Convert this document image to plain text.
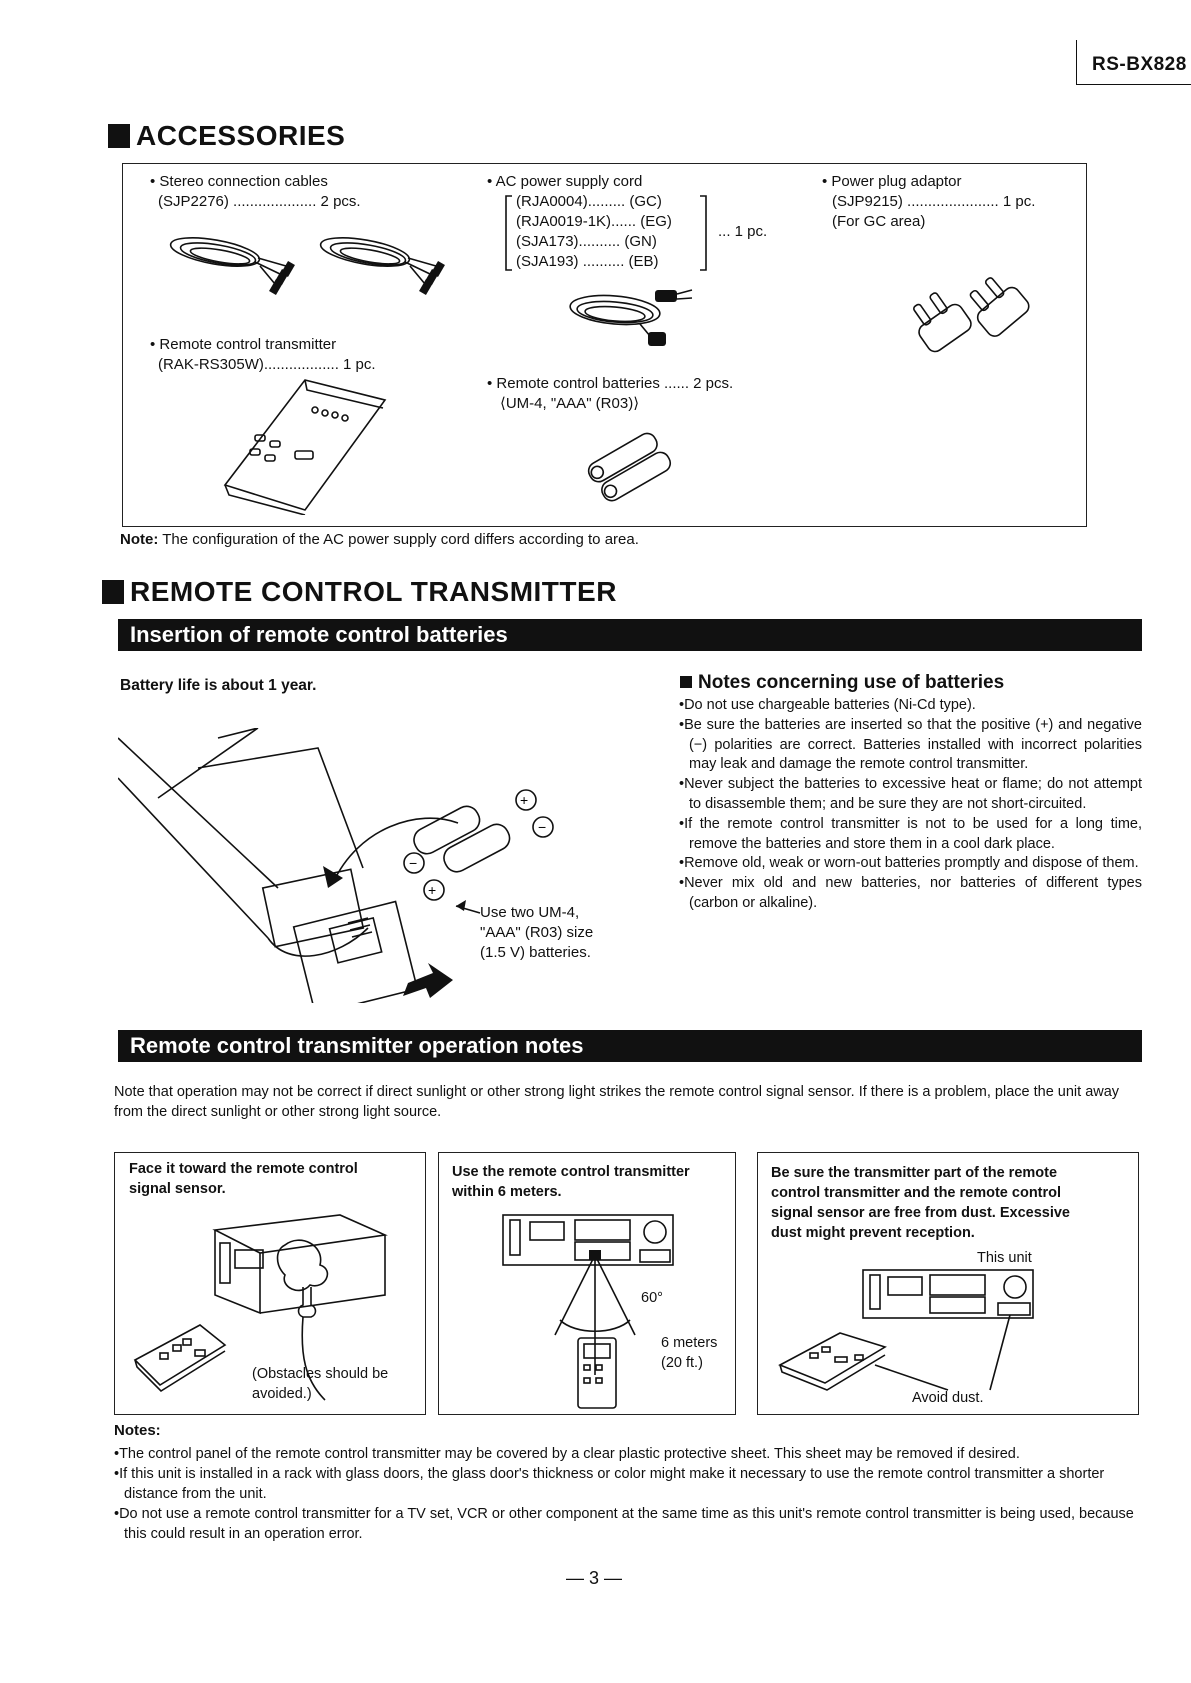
RS-BX828
ACCESSORIES
• Stereo connection cables
(SJP2276) .................... 2 pcs.
• Remote control transmitter
(RAK-RS305W).................. 1 pc.
• AC power supply cord
(RJA0004)......... (GC)
(RJA0019-1K)...... (EG)
(SJA173).......... (GN)
(SJA193) .......... (EB)
... 1 pc.
• Remote control batteries ...... 2 pcs.
⟨UM-4, "AAA" (R03)⟩
• Power plug adaptor
(SJP9215) ...................... 1 pc.
(For GC area)
Note: The configuration of the AC power supply cord differs according to area.
REMOTE CONTROL TRANSMITTER
Insertion of remote control batteries
Battery life is about 1 year.
+
−
−
+
Use two UM-4,
"AAA" (R03) size
(1.5 V) batteries.
Notes concerning use of batteries

•Do not use chargeable batteries (Ni-Cd type).

•Be sure the batteries are inserted so that the positive (+) and negative (−) polarities are correct. Batteries installed with incorrect polarities may leak and damage the remote control transmitter.

•Never subject the batteries to excessive heat or flame; do not attempt to disassemble them; and be sure they are not short-circuited.

•If the remote control transmitter is not to be used for a long time, remove the batteries and store them in a cool dark place.

•Remove old, weak or worn-out batteries promptly and dispose of them.

•Never mix old and new batteries, nor batteries of different types (carbon or alkaline).

Remote control transmitter operation notes
Note that operation may not be correct if direct sunlight or other strong light strikes the remote control signal sensor. If there is a problem, place the unit away from the direct sunlight or other strong light source.
Face it toward the remote control
signal sensor.
(Obstacles should be
avoided.)
Use the remote control transmitter
within 6 meters.
60°
6 meters
(20 ft.)
Be sure the transmitter part of the remote
control transmitter and the remote control
signal sensor are free from dust. Excessive
dust might prevent reception.
This unit
Avoid dust.
Notes:

•The control panel of the remote control transmitter may be covered by a clear plastic protective sheet. This sheet may be removed if desired.

•If this unit is installed in a rack with glass doors, the glass door's thickness or color might make it necessary to use the remote control transmitter a shorter distance from the unit.

•Do not use a remote control transmitter for a TV set, VCR or other component at the same time as this unit's remote control transmitter is being used, because this could result in an operation error.

— 3 —
